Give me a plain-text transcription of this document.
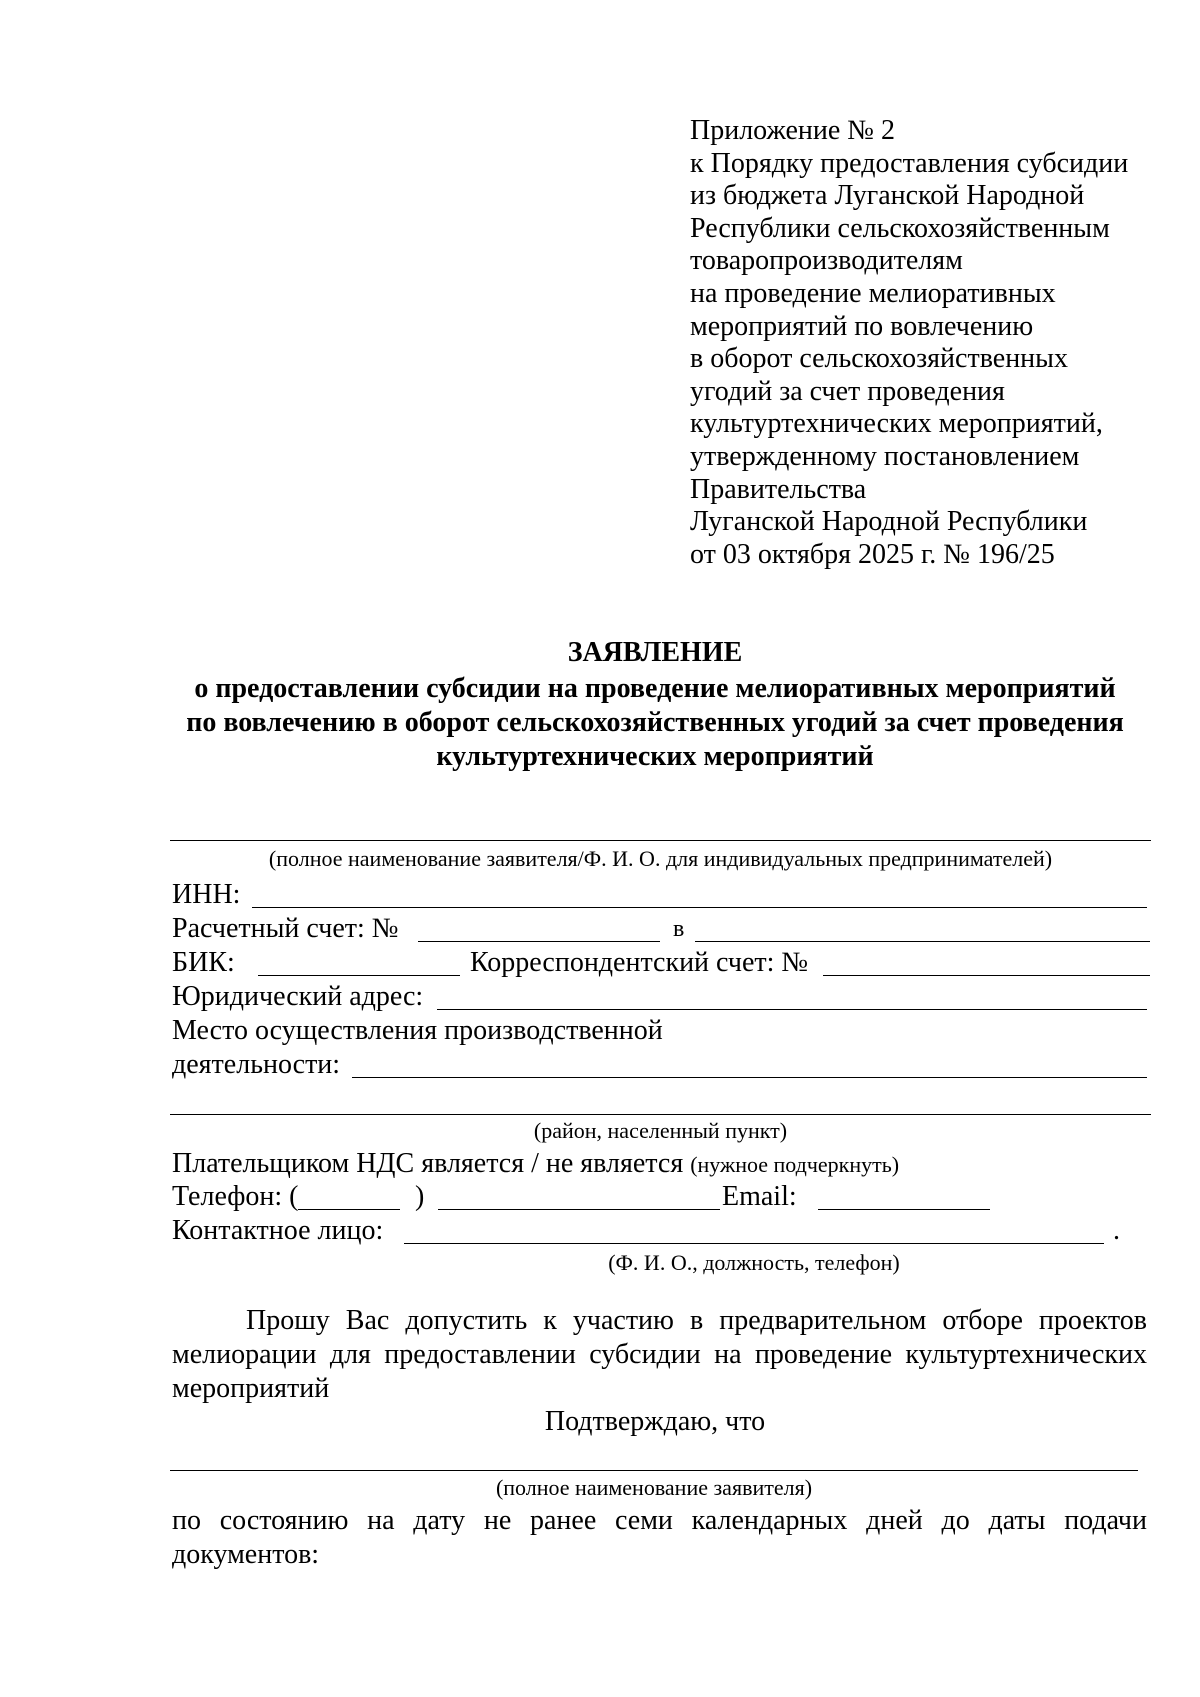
Приложение № 2
к Порядку предоставления субсидии
из бюджета Луганской Народной
Республики сельскохозяйственным
товаропроизводителям
на проведение мелиоративных
мероприятий по вовлечению
в оборот сельскохозяйственных
угодий за счет проведения
культуртехнических мероприятий,
утвержденному постановлением
Правительства
Луганской Народной Республики
от 03 октября 2025 г. № 196/25
ЗАЯВЛЕНИЕ
о предоставлении субсидии на проведение мелиоративных мероприятий
по вовлечению в оборот сельскохозяйственных угодий за счет проведения
культуртехнических мероприятий
(полное наименование заявителя/Ф. И. О. для индивидуальных предпринимателей)
ИНН:
Расчетный счет: №	в
БИК:	Корреспондентский счет: №
Юридический адрес:
Место осуществления производственной
деятельности:
(район, населенный пункт)
Плательщиком НДС является / не является (нужное подчеркнуть)
Телефон: (	)	Email:
Контактное лицо:	.
(Ф. И. О., должность, телефон)
Прошу Вас допустить к участию в предварительном отборе проектов мелиорации для предоставлении субсидии на проведение культуртехнических мероприятий
Подтверждаю, что
(полное наименование заявителя)
по состоянию на дату не ранее семи календарных дней до даты подачи документов:
